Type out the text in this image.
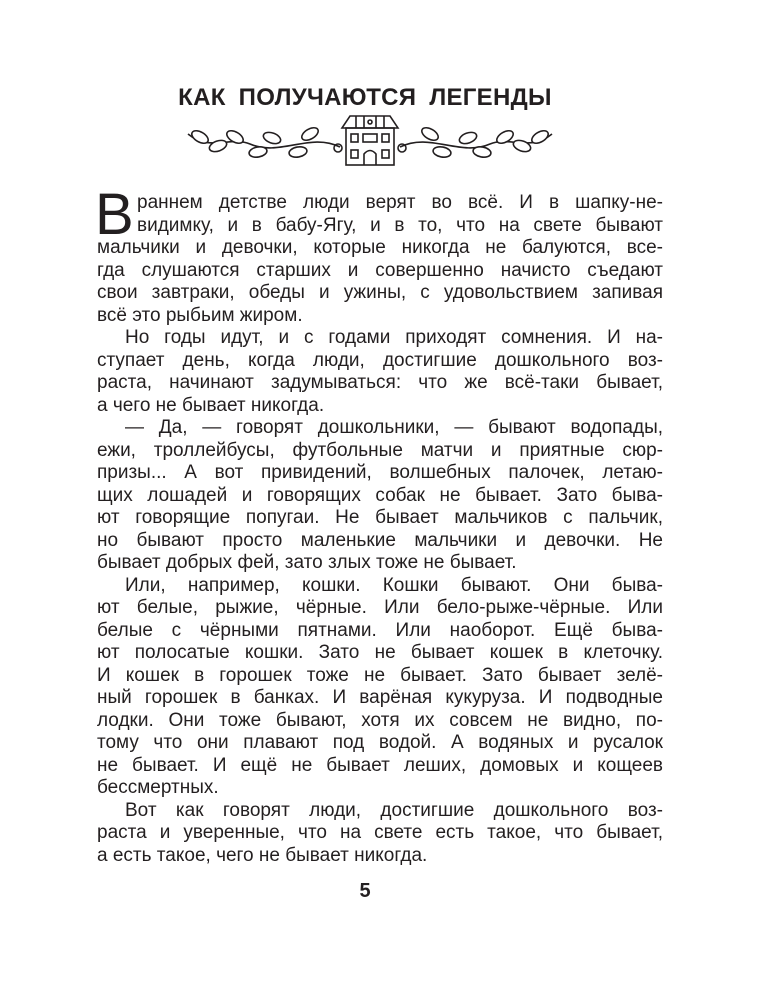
КАК ПОЛУЧАЮТСЯ ЛЕГЕНДЫ
В раннем детстве люди верят во всё. И в шапку-не-
видимку, и в бабу-Ягу, и в то, что на свете бывают
мальчики и девочки, которые никогда не балуются, все-
гда слушаются старших и совершенно начисто съедают
свои завтраки, обеды и ужины, с удовольствием запивая
всё это рыбьим жиром.
Но годы идут, и с годами приходят сомнения. И на-
ступает день, когда люди, достигшие дошкольного воз-
раста, начинают задумываться: что же всё-таки бывает,
а чего не бывает никогда.
— Да, — говорят дошкольники, — бывают водопады,
ежи, троллейбусы, футбольные матчи и приятные сюр-
призы... А вот привидений, волшебных палочек, летаю-
щих лошадей и говорящих собак не бывает. Зато быва-
ют говорящие попугаи. Не бывает мальчиков с пальчик,
но бывают просто маленькие мальчики и девочки. Не
бывает добрых фей, зато злых тоже не бывает.
Или, например, кошки. Кошки бывают. Они быва-
ют белые, рыжие, чёрные. Или бело-рыже-чёрные. Или
белые с чёрными пятнами. Или наоборот. Ещё быва-
ют полосатые кошки. Зато не бывает кошек в клеточку.
И кошек в горошек тоже не бывает. Зато бывает зелё-
ный горошек в банках. И варёная кукуруза. И подводные
лодки. Они тоже бывают, хотя их совсем не видно, по-
тому что они плавают под водой. А водяных и русалок
не бывает. И ещё не бывает леших, домовых и кощеев
бессмертных.
Вот как говорят люди, достигшие дошкольного воз-
раста и уверенные, что на свете есть такое, что бывает,
а есть такое, чего не бывает никогда.
5
